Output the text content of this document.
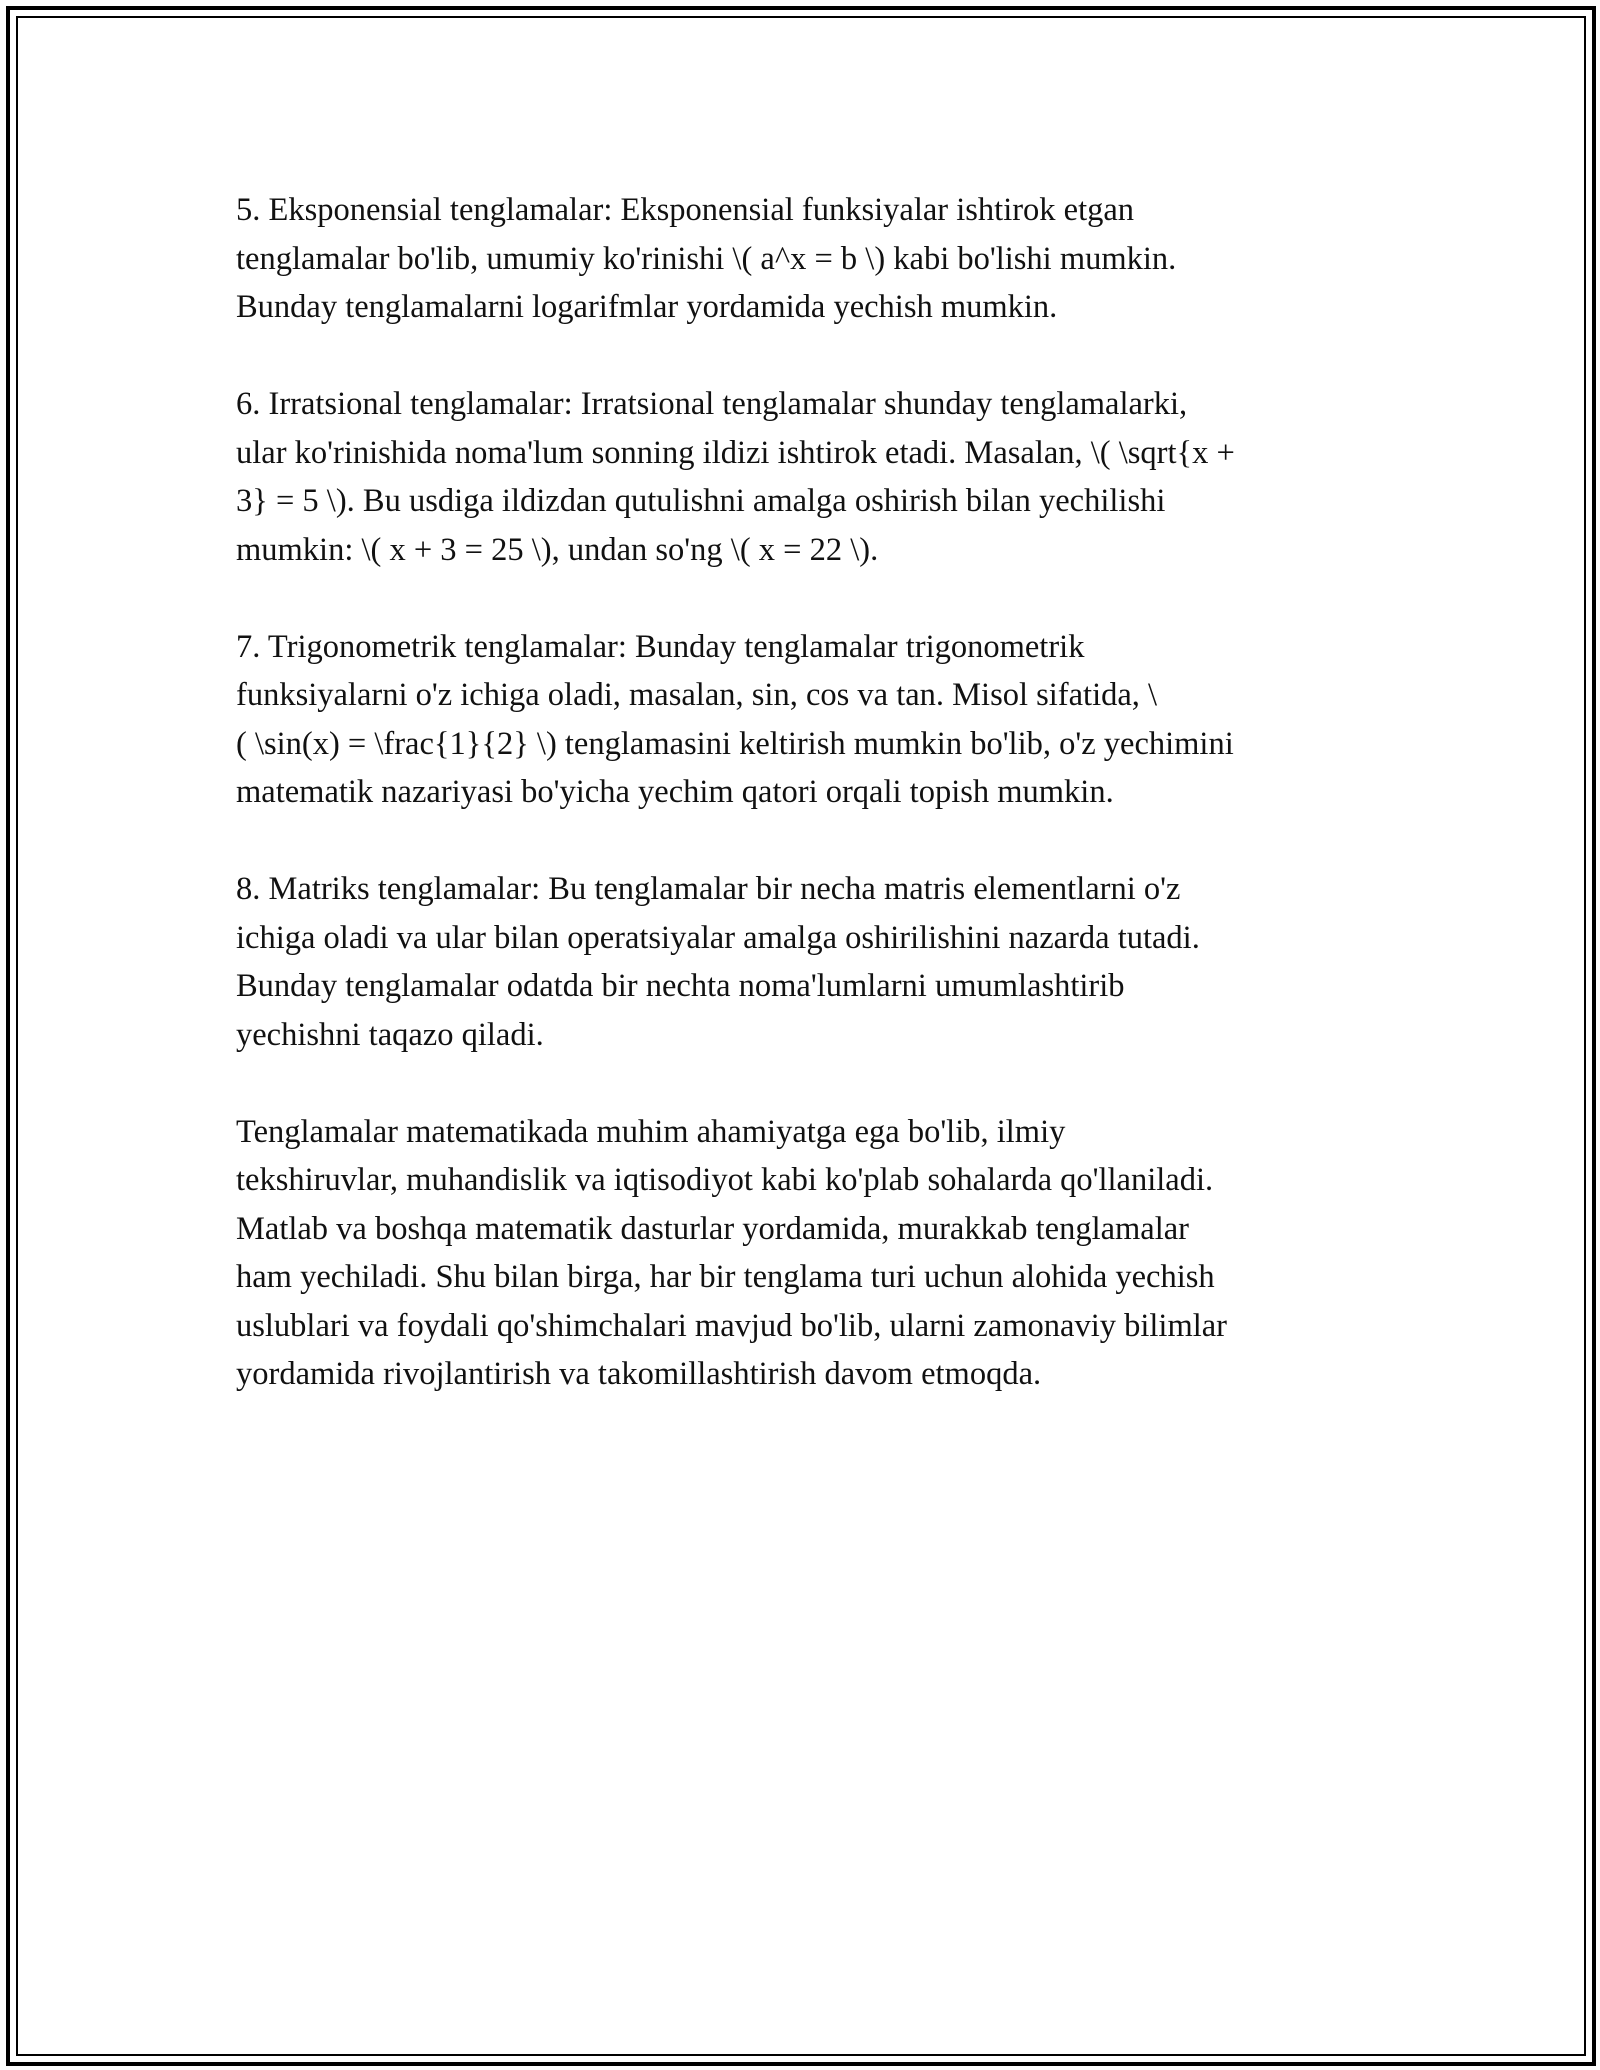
5. Eksponensial tenglamalar: Eksponensial funksiyalar ishtirok etgan
tenglamalar bo'lib, umumiy ko'rinishi \( a^x = b \) kabi bo'lishi mumkin.
Bunday tenglamalarni logarifmlar yordamida yechish mumkin.

6. Irratsional tenglamalar: Irratsional tenglamalar shunday tenglamalarki,
ular ko'rinishida noma'lum sonning ildizi ishtirok etadi. Masalan, \( \sqrt{x +
3} = 5 \). Bu usdiga ildizdan qutulishni amalga oshirish bilan yechilishi
mumkin: \( x + 3 = 25 \), undan so'ng \( x = 22 \).

7. Trigonometrik tenglamalar: Bunday tenglamalar trigonometrik
funksiyalarni o'z ichiga oladi, masalan, sin, cos va tan. Misol sifatida, \
( \sin(x) = \frac{1}{2} \) tenglamasini keltirish mumkin bo'lib, o'z yechimini
matematik nazariyasi bo'yicha yechim qatori orqali topish mumkin.

8. Matriks tenglamalar: Bu tenglamalar bir necha matris elementlarni o'z
ichiga oladi va ular bilan operatsiyalar amalga oshirilishini nazarda tutadi.
Bunday tenglamalar odatda bir nechta noma'lumlarni umumlashtirib
yechishni taqazo qiladi.

Tenglamalar matematikada muhim ahamiyatga ega bo'lib, ilmiy
tekshiruvlar, muhandislik va iqtisodiyot kabi ko'plab sohalarda qo'llaniladi.
Matlab va boshqa matematik dasturlar yordamida, murakkab tenglamalar
ham yechiladi. Shu bilan birga, har bir tenglama turi uchun alohida yechish
uslublari va foydali qo'shimchalari mavjud bo'lib, ularni zamonaviy bilimlar
yordamida rivojlantirish va takomillashtirish davom etmoqda.
